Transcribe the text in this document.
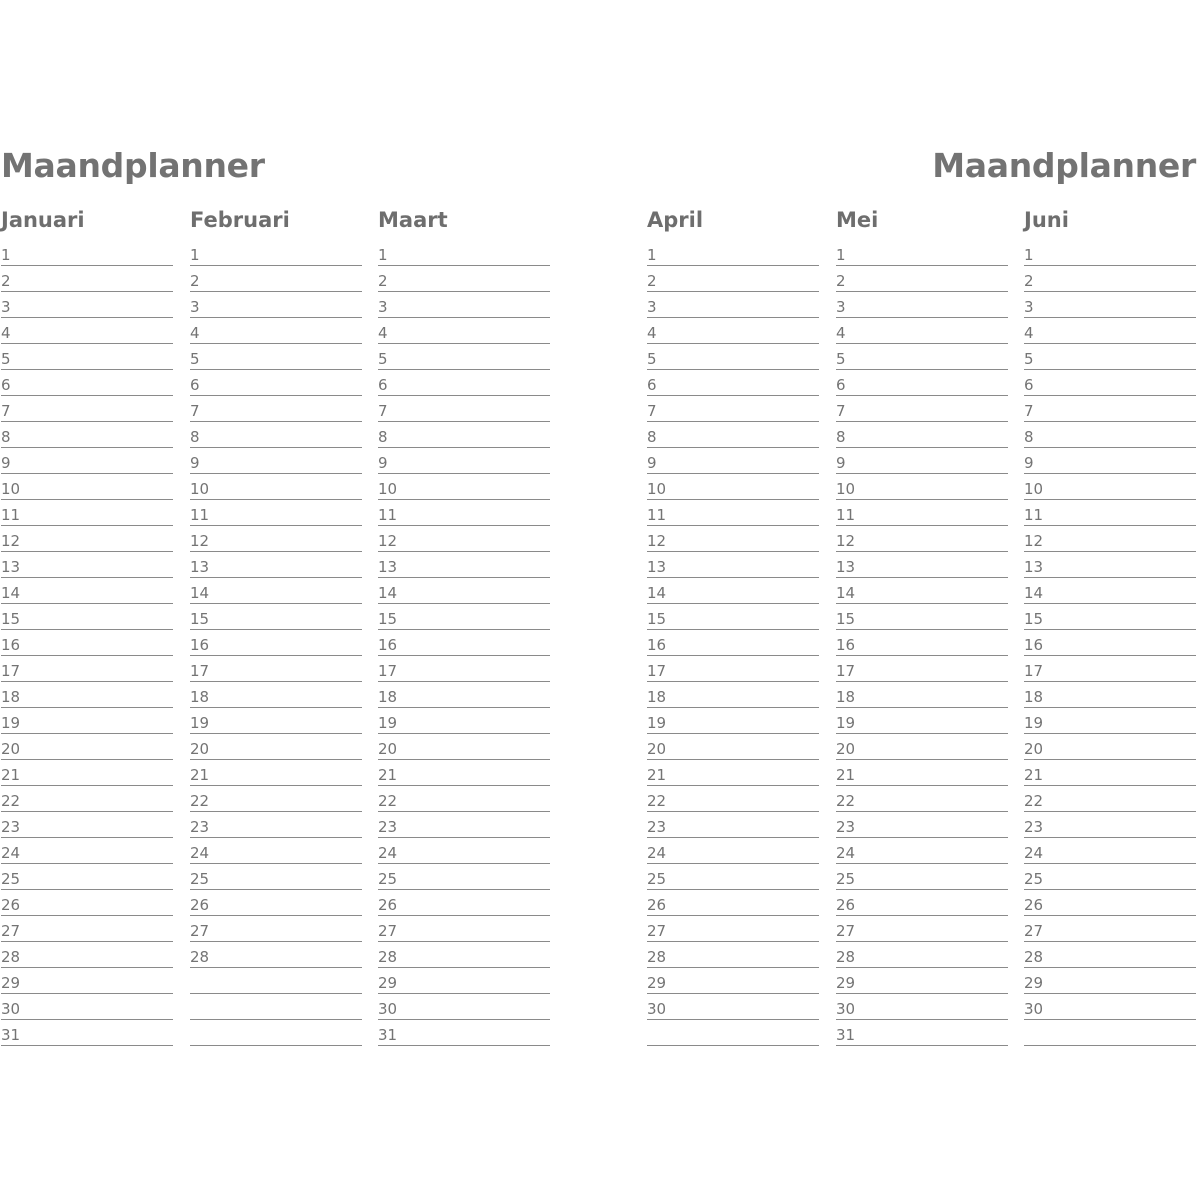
Maandplanner	Maandplanner
Januari
1
2
3
4
5
6
7
8
9
10
11
12
13
14
15
16
17
18
19
20
21
22
23
24
25
26
27
28
29
30
31
Februari
1
2
3
4
5
6
7
8
9
10
11
12
13
14
15
16
17
18
19
20
21
22
23
24
25
26
27
28
Maart
1
2
3
4
5
6
7
8
9
10
11
12
13
14
15
16
17
18
19
20
21
22
23
24
25
26
27
28
29
30
31
April
1
2
3
4
5
6
7
8
9
10
11
12
13
14
15
16
17
18
19
20
21
22
23
24
25
26
27
28
29
30
Mei
1
2
3
4
5
6
7
8
9
10
11
12
13
14
15
16
17
18
19
20
21
22
23
24
25
26
27
28
29
30
31
Juni
1
2
3
4
5
6
7
8
9
10
11
12
13
14
15
16
17
18
19
20
21
22
23
24
25
26
27
28
29
30
